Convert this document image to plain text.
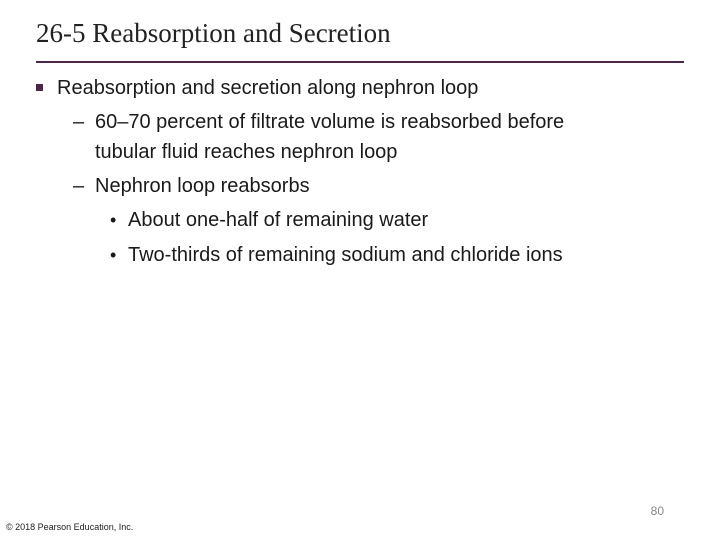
26-5 Reabsorption and Secretion
Reabsorption and secretion along nephron loop
– 60–70 percent of filtrate volume is reabsorbed before
tubular fluid reaches nephron loop
– Nephron loop reabsorbs
• About one-half of remaining water
• Two-thirds of remaining sodium and chloride ions
80
© 2018 Pearson Education, Inc.
